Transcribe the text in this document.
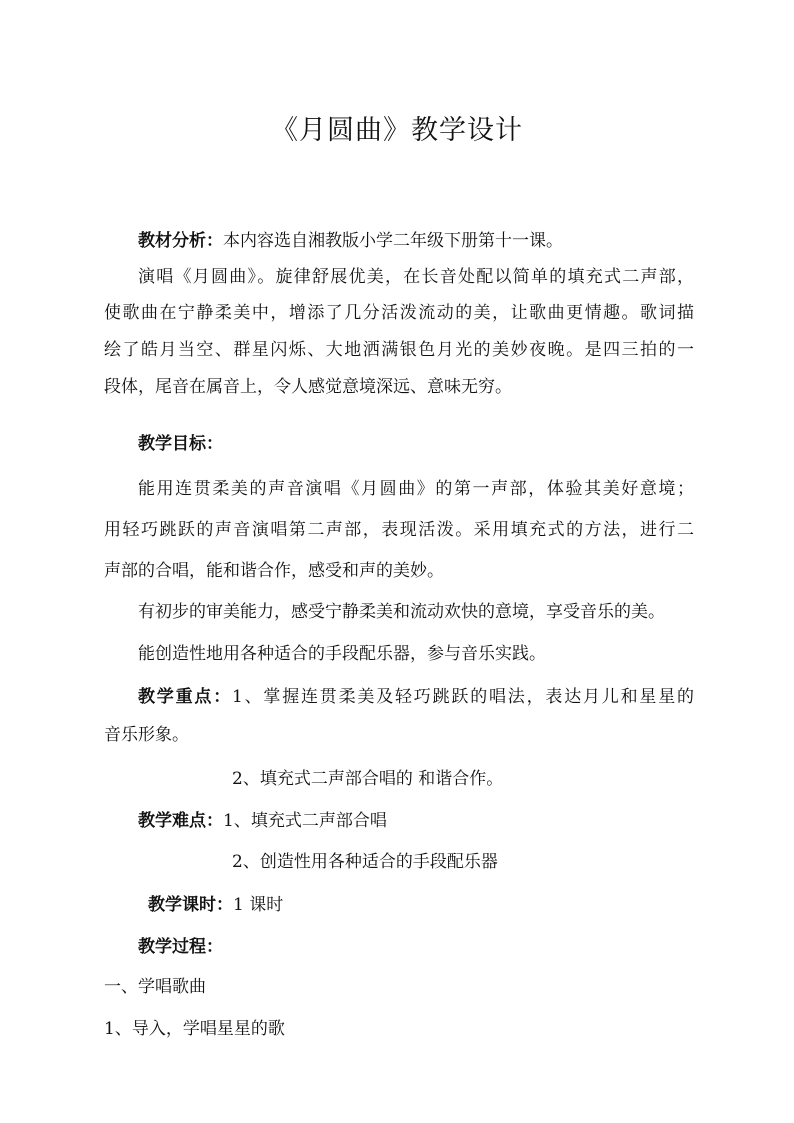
《月圆曲》教学设计
教材分析：本内容选自湘教版小学二年级下册第十一课。
演唱《月圆曲》。旋律舒展优美，在长音处配以简单的填充式二声部，
使歌曲在宁静柔美中，增添了几分活泼流动的美，让歌曲更情趣。歌词描
绘了皓月当空、群星闪烁、大地洒满银色月光的美妙夜晚。是四三拍的一
段体，尾音在属音上，令人感觉意境深远、意味无穷。
教学目标：
能用连贯柔美的声音演唱《月圆曲》的第一声部，体验其美好意境；
用轻巧跳跃的声音演唱第二声部，表现活泼。采用填充式的方法，进行二
声部的合唱，能和谐合作，感受和声的美妙。
有初步的审美能力，感受宁静柔美和流动欢快的意境，享受音乐的美。
能创造性地用各种适合的手段配乐器，参与音乐实践。
教学重点：1、掌握连贯柔美及轻巧跳跃的唱法，表达月儿和星星的
音乐形象。
2、填充式二声部合唱的 和谐合作。
教学难点：1、填充式二声部合唱
2、创造性用各种适合的手段配乐器
教学课时：1 课时
教学过程：
一、学唱歌曲
1、导入，学唱星星的歌
